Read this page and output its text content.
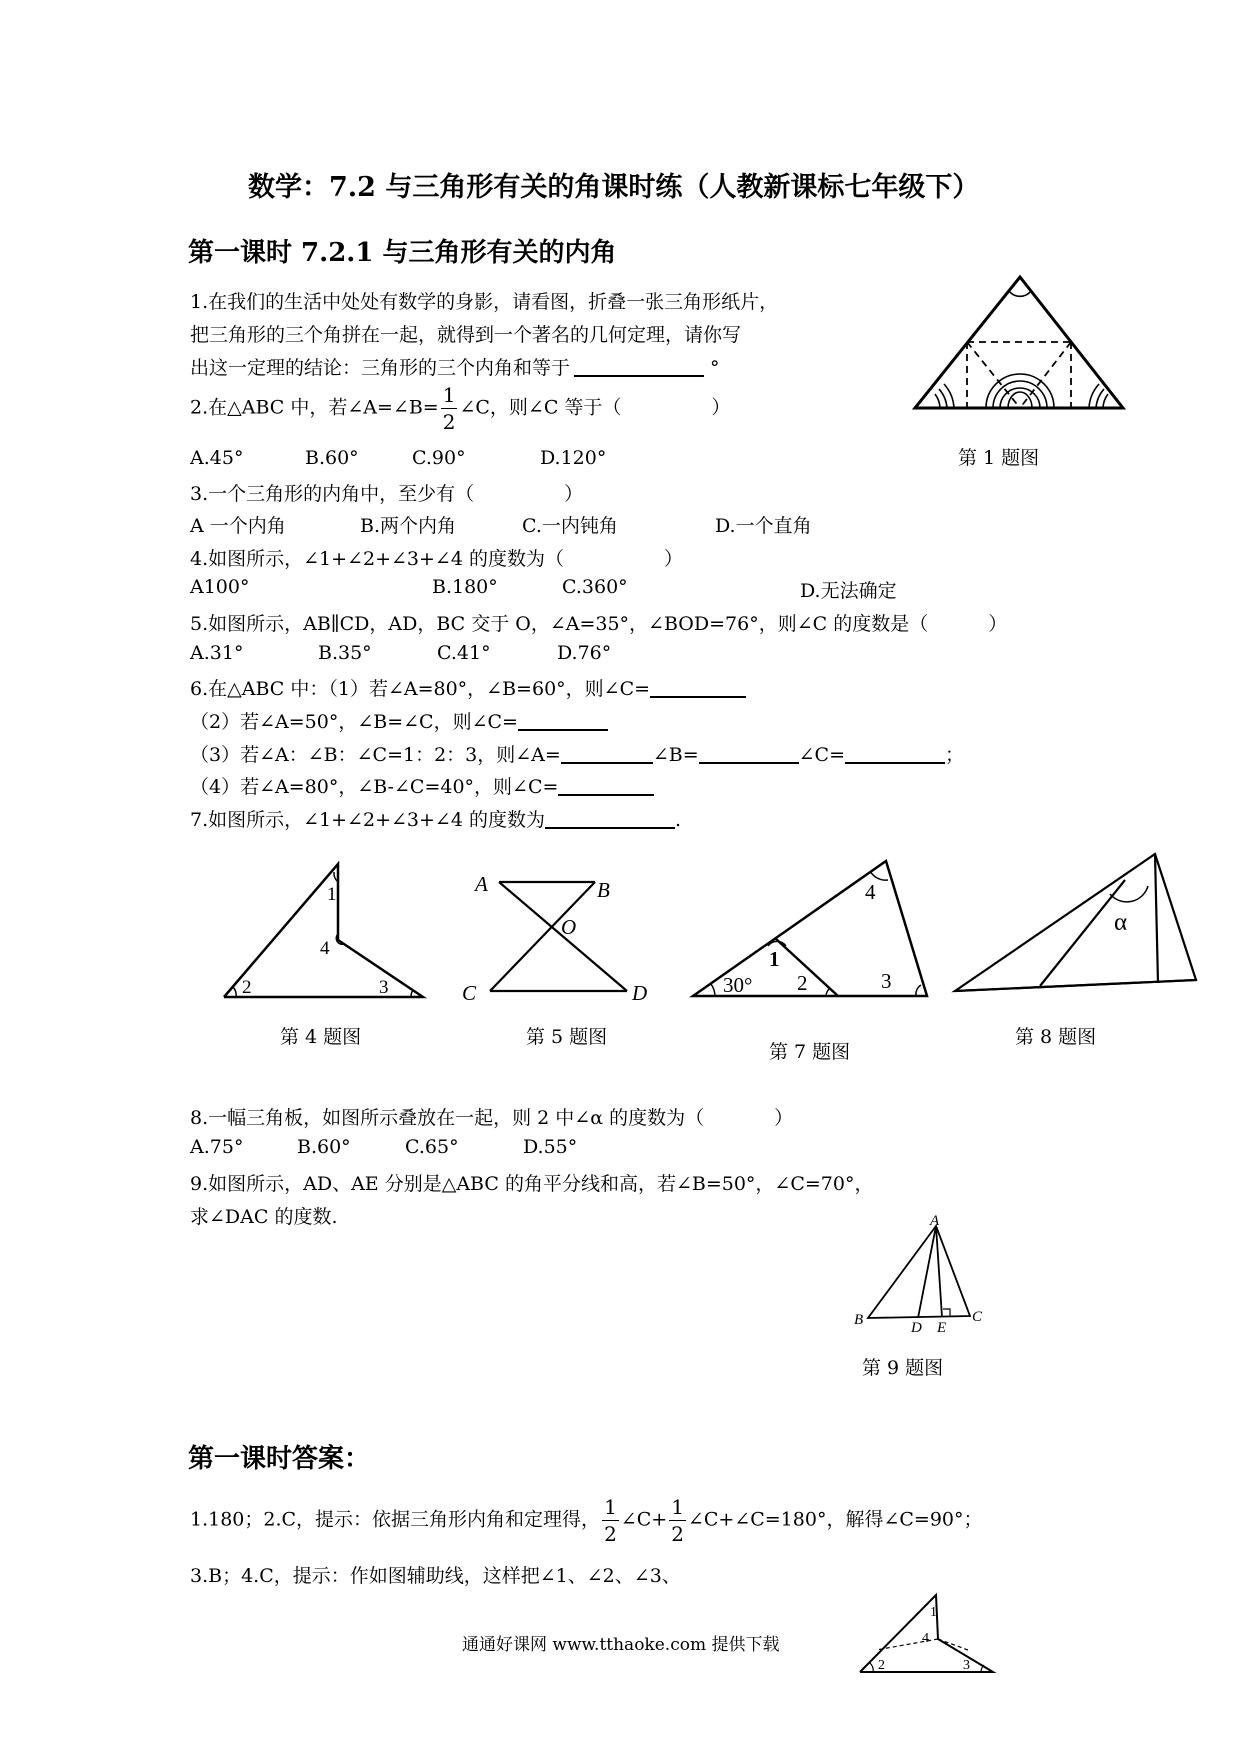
数学：7.2 与三角形有关的角课时练（人教新课标七年级下）
第一课时 7.2.1 与三角形有关的内角
1.在我们的生活中处处有数学的身影，请看图，折叠一张三角形纸片，
把三角形的三个角拼在一起，就得到一个著名的几何定理，请你写
出这一定理的结论：三角形的三个内角和等于	°
2.在△ABC 中，若∠A=∠B= $\frac{1}{2}$ ∠C，则∠C 等于（	）
A.45°	B.60°	C.90°	D.120°
3.一个三角形的内角中，至少有（	）
A 一个内角	B.两个内角	C.一内钝角	D.一个直角
4.如图所示，∠1+∠2+∠3+∠4 的度数为（	）
A100°	B.180°	C.360°	D.无法确定
5.如图所示，AB∥CD，AD，BC 交于 O，∠A=35°，∠BOD=76°，则∠C 的度数是（	）
A.31°	B.35°	C.41°	D.76°
6.在△ABC 中：（1）若∠A=80°，∠B=60°，则∠C=
（2）若∠A=50°，∠B=∠C，则∠C=
（3）若∠A：∠B：∠C=1：2：3，则∠A=	∠B=	∠C=	；
（4）若∠A=80°，∠B-∠C=40°，则∠C=
7.如图所示，∠1+∠2+∠3+∠4 的度数为	.
第 1 题图
1
2	3
4
第 4 题图
A	B
O
C	D
第 5 题图
30°
1
2	3
4
第 7 题图
α
第 8 题图
8.一幅三角板，如图所示叠放在一起，则 2 中∠α 的度数为（	）
A.75°	B.60°	C.65°	D.55°
9.如图所示，AD、AE 分别是△ABC 的角平分线和高，若∠B=50°，∠C=70°，
求∠DAC 的度数.	A
B	D E
C
第 9 题图
第一课时答案：
1.180；2.C，提示：依据三角形内角和定理得， $\frac{1}{2}$ ∠C+ $\frac{1}{2}$ ∠C+∠C=180°，解得∠C=90°；
3.B；4.C，提示：作如图辅助线，这样把∠1、∠2、∠3、
1
4
2	3
通通好课网 www.tthaoke.com 提供下载
